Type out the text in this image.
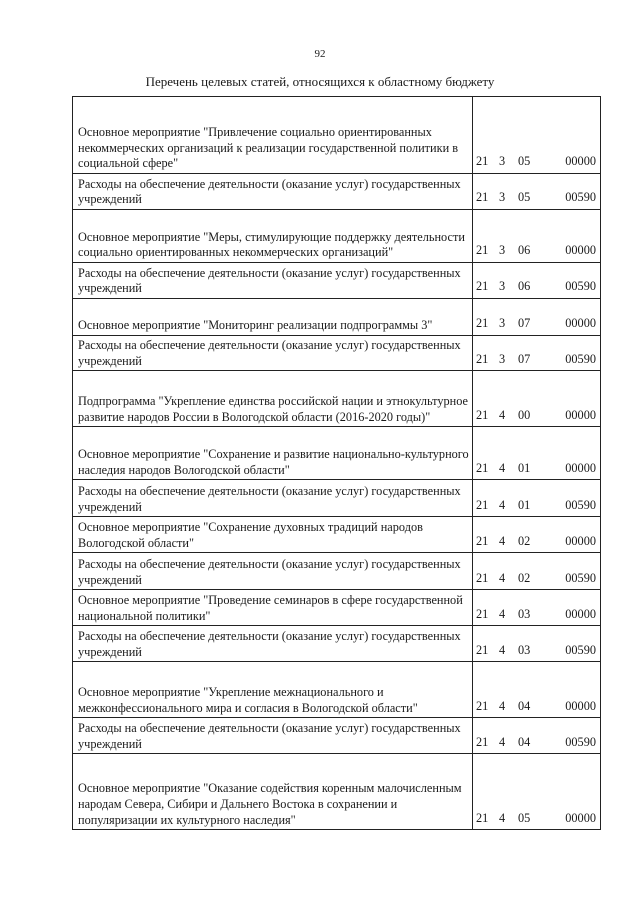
92
Перечень целевых статей, относящихся к областному бюджету
Основное мероприятие "Привлечение социально ориентированных некоммерческих организаций к реализации государственной политики в социальной сфере"	21 3 05 00000

Расходы на обеспечение деятельности (оказание услуг) государственных учреждений	21 3 05 00590

Основное мероприятие "Меры, стимулирующие поддержку деятельности социально ориентированных некоммерческих организаций"	21 3 06 00000

Расходы на обеспечение деятельности (оказание услуг) государственных учреждений	21 3 06 00590

Основное мероприятие "Мониторинг реализации подпрограммы 3"	21 3 07 00000

Расходы на обеспечение деятельности (оказание услуг) государственных учреждений	21 3 07 00590

Подпрограмма "Укрепление единства российской нации и этнокультурное развитие народов России в Вологодской области (2016-2020 годы)"	21 4 00 00000

Основное мероприятие "Сохранение и развитие национально-культурного наследия народов Вологодской области"	21 4 01 00000

Расходы на обеспечение деятельности (оказание услуг) государственных учреждений	21 4 01 00590

Основное мероприятие "Сохранение духовных традиций народов Вологодской области"	21 4 02 00000

Расходы на обеспечение деятельности (оказание услуг) государственных учреждений	21 4 02 00590

Основное мероприятие "Проведение семинаров в сфере государственной национальной политики"	21 4 03 00000

Расходы на обеспечение деятельности (оказание услуг) государственных учреждений	21 4 03 00590

Основное мероприятие "Укрепление межнационального и межконфессионального мира и согласия в Вологодской области"	21 4 04 00000

Расходы на обеспечение деятельности (оказание услуг) государственных учреждений	21 4 04 00590

Основное мероприятие "Оказание содействия коренным малочисленным народам Севера, Сибири и Дальнего Востока в сохранении и популяризации их культурного наследия"	21 4 05 00000
